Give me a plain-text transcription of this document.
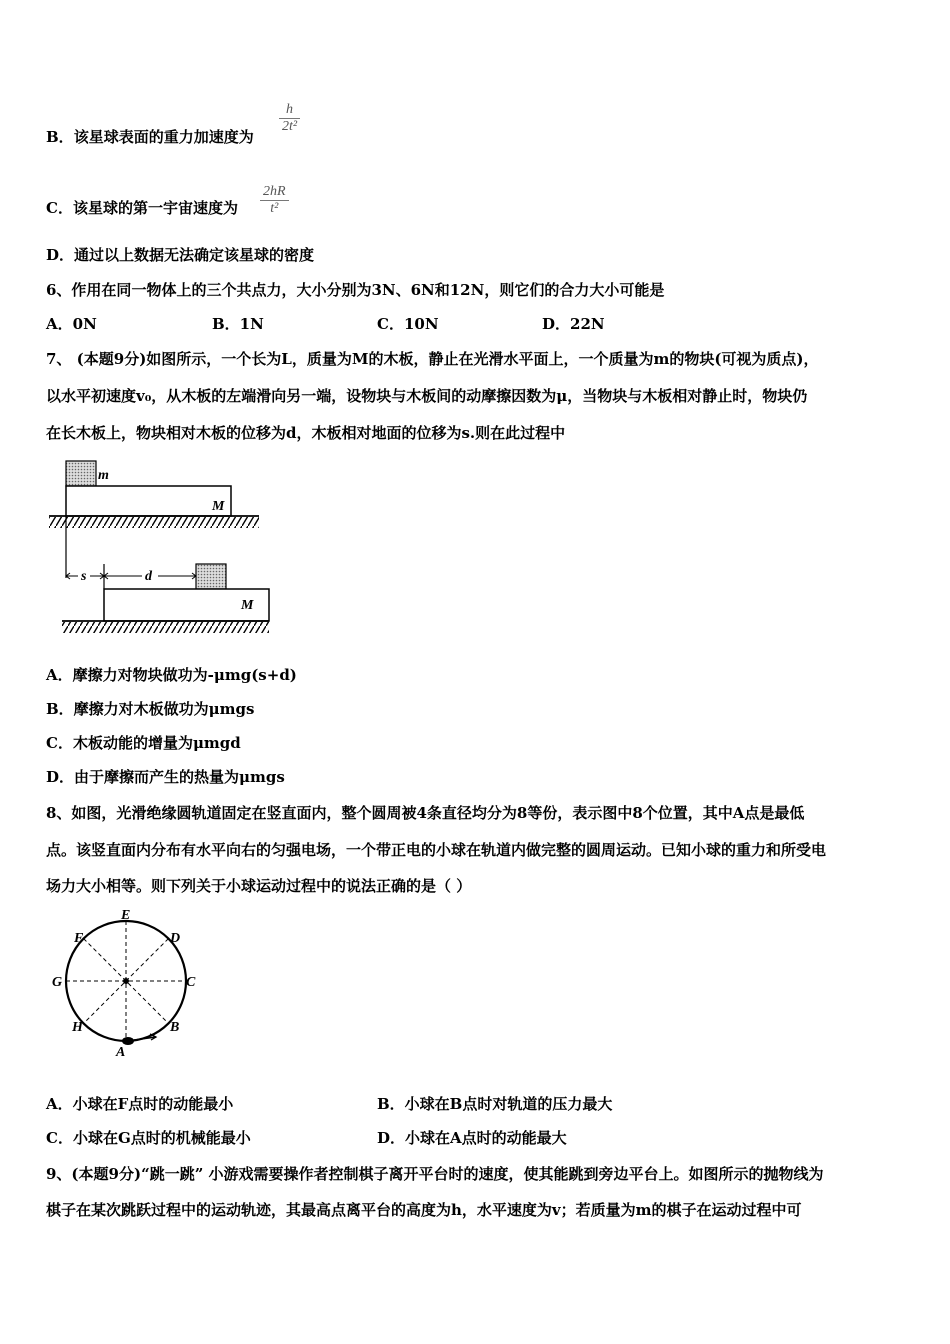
B．该星球表面的重力加速度为
$\frac{h}{\text{2t²}}$
C．该星球的第一宇宙速度为 $\frac{2hR}{\text{t²}}$
D．通过以上数据无法确定该星球的密度
6、作用在同一物体上的三个共点力，大小分别为3N、6N和12N，则它们的合力大小可能是
A．0N	B．1N	C．10N	D．22N
7、 (本题9分)如图所示，一个长为L，质量为M的木板，静止在光滑水平面上，一个质量为m的物块(可视为质点)，
以水平初速度v₀，从木板的左端滑向另一端，设物块与木板间的动摩擦因数为μ，当物块与木板相对静止时，物块仍
在长木板上，物块相对木板的位移为d，木板相对地面的位移为s.则在此过程中
m
M
M
s	d
A．摩擦力对物块做功为-μmg(s+d)
B．摩擦力对木板做功为μmgs
C．木板动能的增量为μmgd
D．由于摩擦而产生的热量为μmgs
8、如图，光滑绝缘圆轨道固定在竖直面内，整个圆周被4条直径均分为8等份，表示图中8个位置，其中A点是最低
点。该竖直面内分布有水平向右的匀强电场，一个带正电的小球在轨道内做完整的圆周运动。已知小球的重力和所受电
场力大小相等。则下列关于小球运动过程中的说法正确的是（ ）
E
D
C
B
A
H
G
F
A．小球在F点时的动能最小	B．小球在B点时对轨道的压力最大
C．小球在G点时的机械能最小	D．小球在A点时的动能最大
9、(本题9分)“跳一跳” 小游戏需要操作者控制棋子离开平台时的速度，使其能跳到旁边平台上。如图所示的抛物线为
棋子在某次跳跃过程中的运动轨迹，其最高点离平台的高度为h，水平速度为v；若质量为m的棋子在运动过程中可
